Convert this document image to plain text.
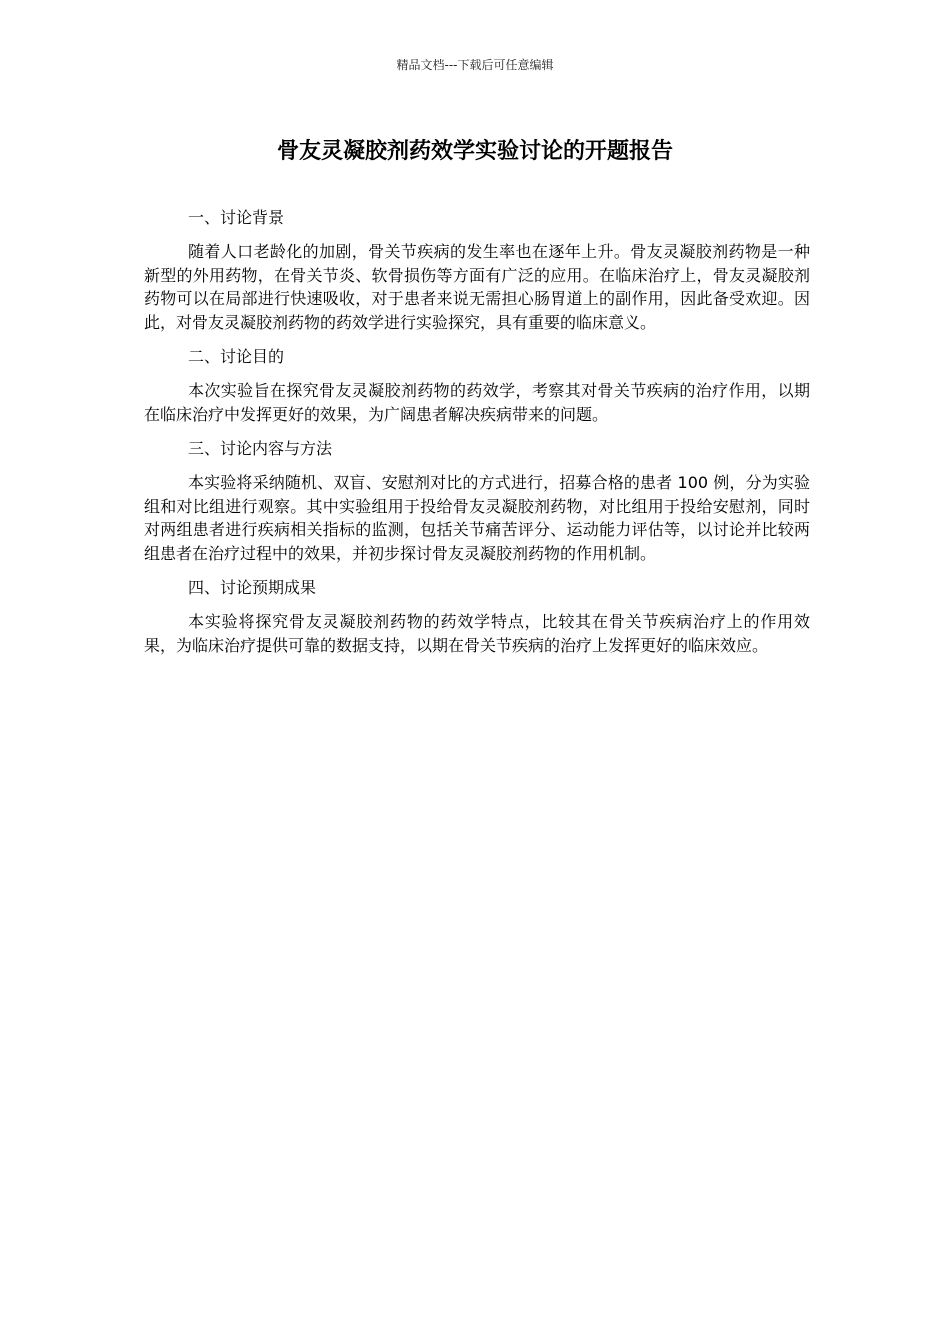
精品文档---下载后可任意编辑
骨友灵凝胶剂药效学实验讨论的开题报告
一、讨论背景

随着人口老龄化的加剧，骨关节疾病的发生率也在逐年上升。骨友灵凝胶剂药物是一种新型的外用药物，在骨关节炎、软骨损伤等方面有广泛的应用。在临床治疗上，骨友灵凝胶剂药物可以在局部进行快速吸收，对于患者来说无需担心肠胃道上的副作用，因此备受欢迎。因此，对骨友灵凝胶剂药物的药效学进行实验探究，具有重要的临床意义。

二、讨论目的

本次实验旨在探究骨友灵凝胶剂药物的药效学，考察其对骨关节疾病的治疗作用，以期在临床治疗中发挥更好的效果，为广阔患者解决疾病带来的问题。

三、讨论内容与方法

本实验将采纳随机、双盲、安慰剂对比的方式进行，招募合格的患者 100 例，分为实验组和对比组进行观察。其中实验组用于投给骨友灵凝胶剂药物，对比组用于投给安慰剂，同时对两组患者进行疾病相关指标的监测，包括关节痛苦评分、运动能力评估等，以讨论并比较两组患者在治疗过程中的效果，并初步探讨骨友灵凝胶剂药物的作用机制。

四、讨论预期成果

本实验将探究骨友灵凝胶剂药物的药效学特点，比较其在骨关节疾病治疗上的作用效果，为临床治疗提供可靠的数据支持，以期在骨关节疾病的治疗上发挥更好的临床效应。
